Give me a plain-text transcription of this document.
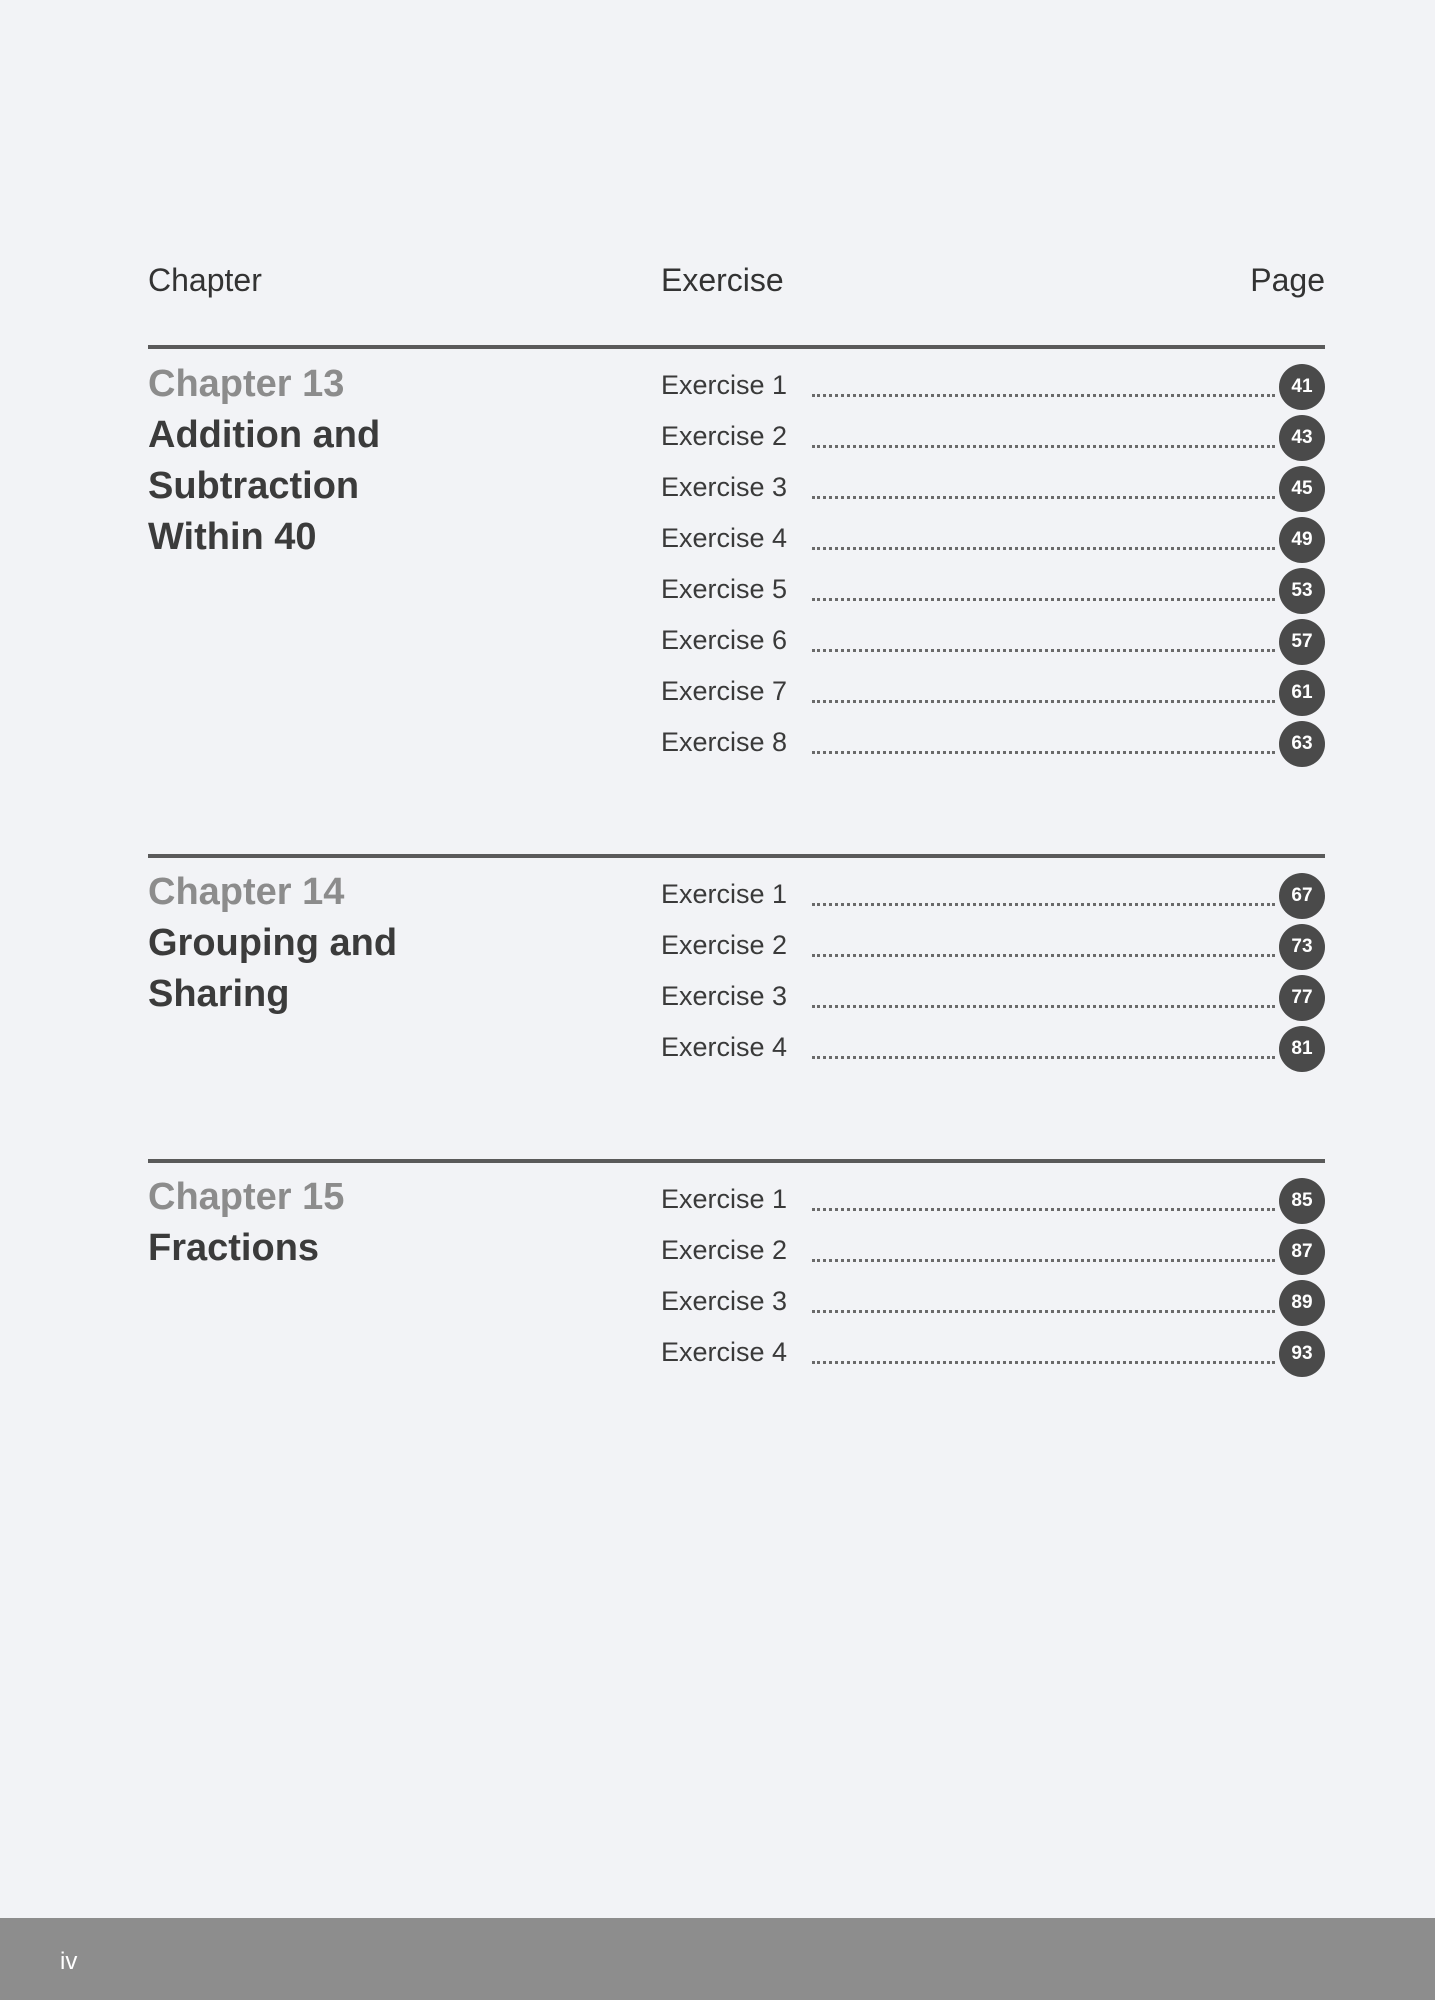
Chapter	Exercise	Page
Chapter 13
Addition and
Subtraction
Within 40
Exercise 1	41
Exercise 2	43
Exercise 3	45
Exercise 4	49
Exercise 5	53
Exercise 6	57
Exercise 7	61
Exercise 8	63
Chapter 14
Grouping and
Sharing
Exercise 1	67
Exercise 2	73
Exercise 3	77
Exercise 4	81
Chapter 15
Fractions
Exercise 1	85
Exercise 2	87
Exercise 3	89
Exercise 4	93
iv
